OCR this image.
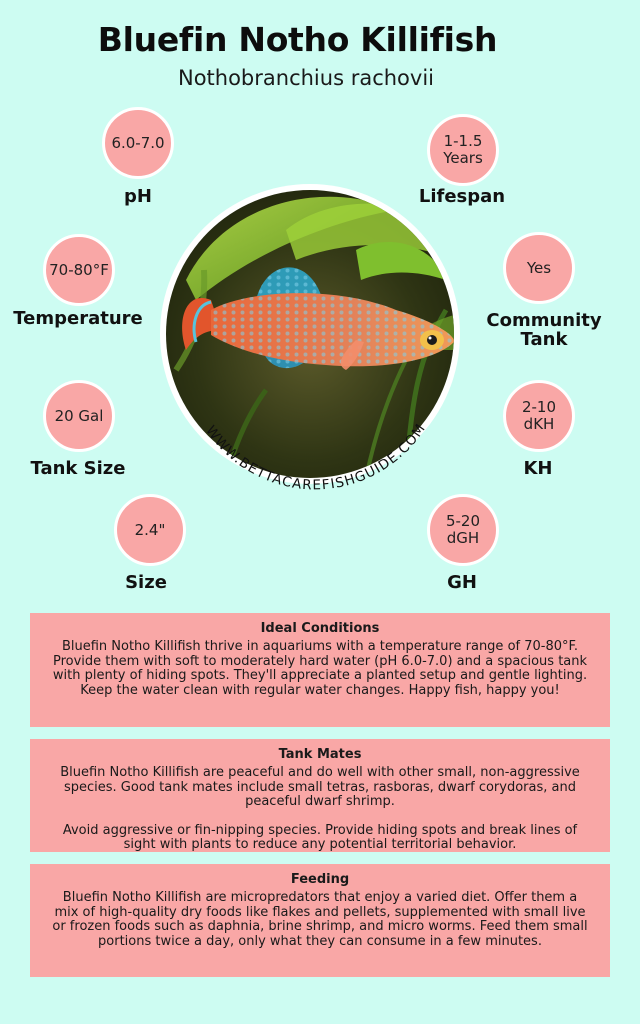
Bluefin Notho Killifish
Nothobranchius rachovii
6.0-7.0
pH
70-80°F
Temperature
20 Gal
Tank Size
2.4"
Size
1-1.5
Years
Lifespan
Yes
Community
Tank
2-10
dKH
KH
5-20
dGH
GH
WWW.BETTACAREFISHGUIDE.COM
Ideal Conditions

Bluefin Notho Killifish thrive in aquariums with a temperature range of 70-80°F. Provide them with soft to moderately hard water (pH 6.0-7.0) and a spacious tank with plenty of hiding spots. They'll appreciate a planted setup and gentle lighting. Keep the water clean with regular water changes. Happy fish, happy you!

Tank Mates

Bluefin Notho Killifish are peaceful and do well with other small, non-aggressive species. Good tank mates include small tetras, rasboras, dwarf corydoras, and peaceful dwarf shrimp.

Avoid aggressive or fin-nipping species. Provide hiding spots and break lines of sight with plants to reduce any potential territorial behavior.

Feeding

Bluefin Notho Killifish are micropredators that enjoy a varied diet. Offer them a mix of high-quality dry foods like flakes and pellets, supplemented with small live or frozen foods such as daphnia, brine shrimp, and micro worms. Feed them small portions twice a day, only what they can consume in a few minutes.
